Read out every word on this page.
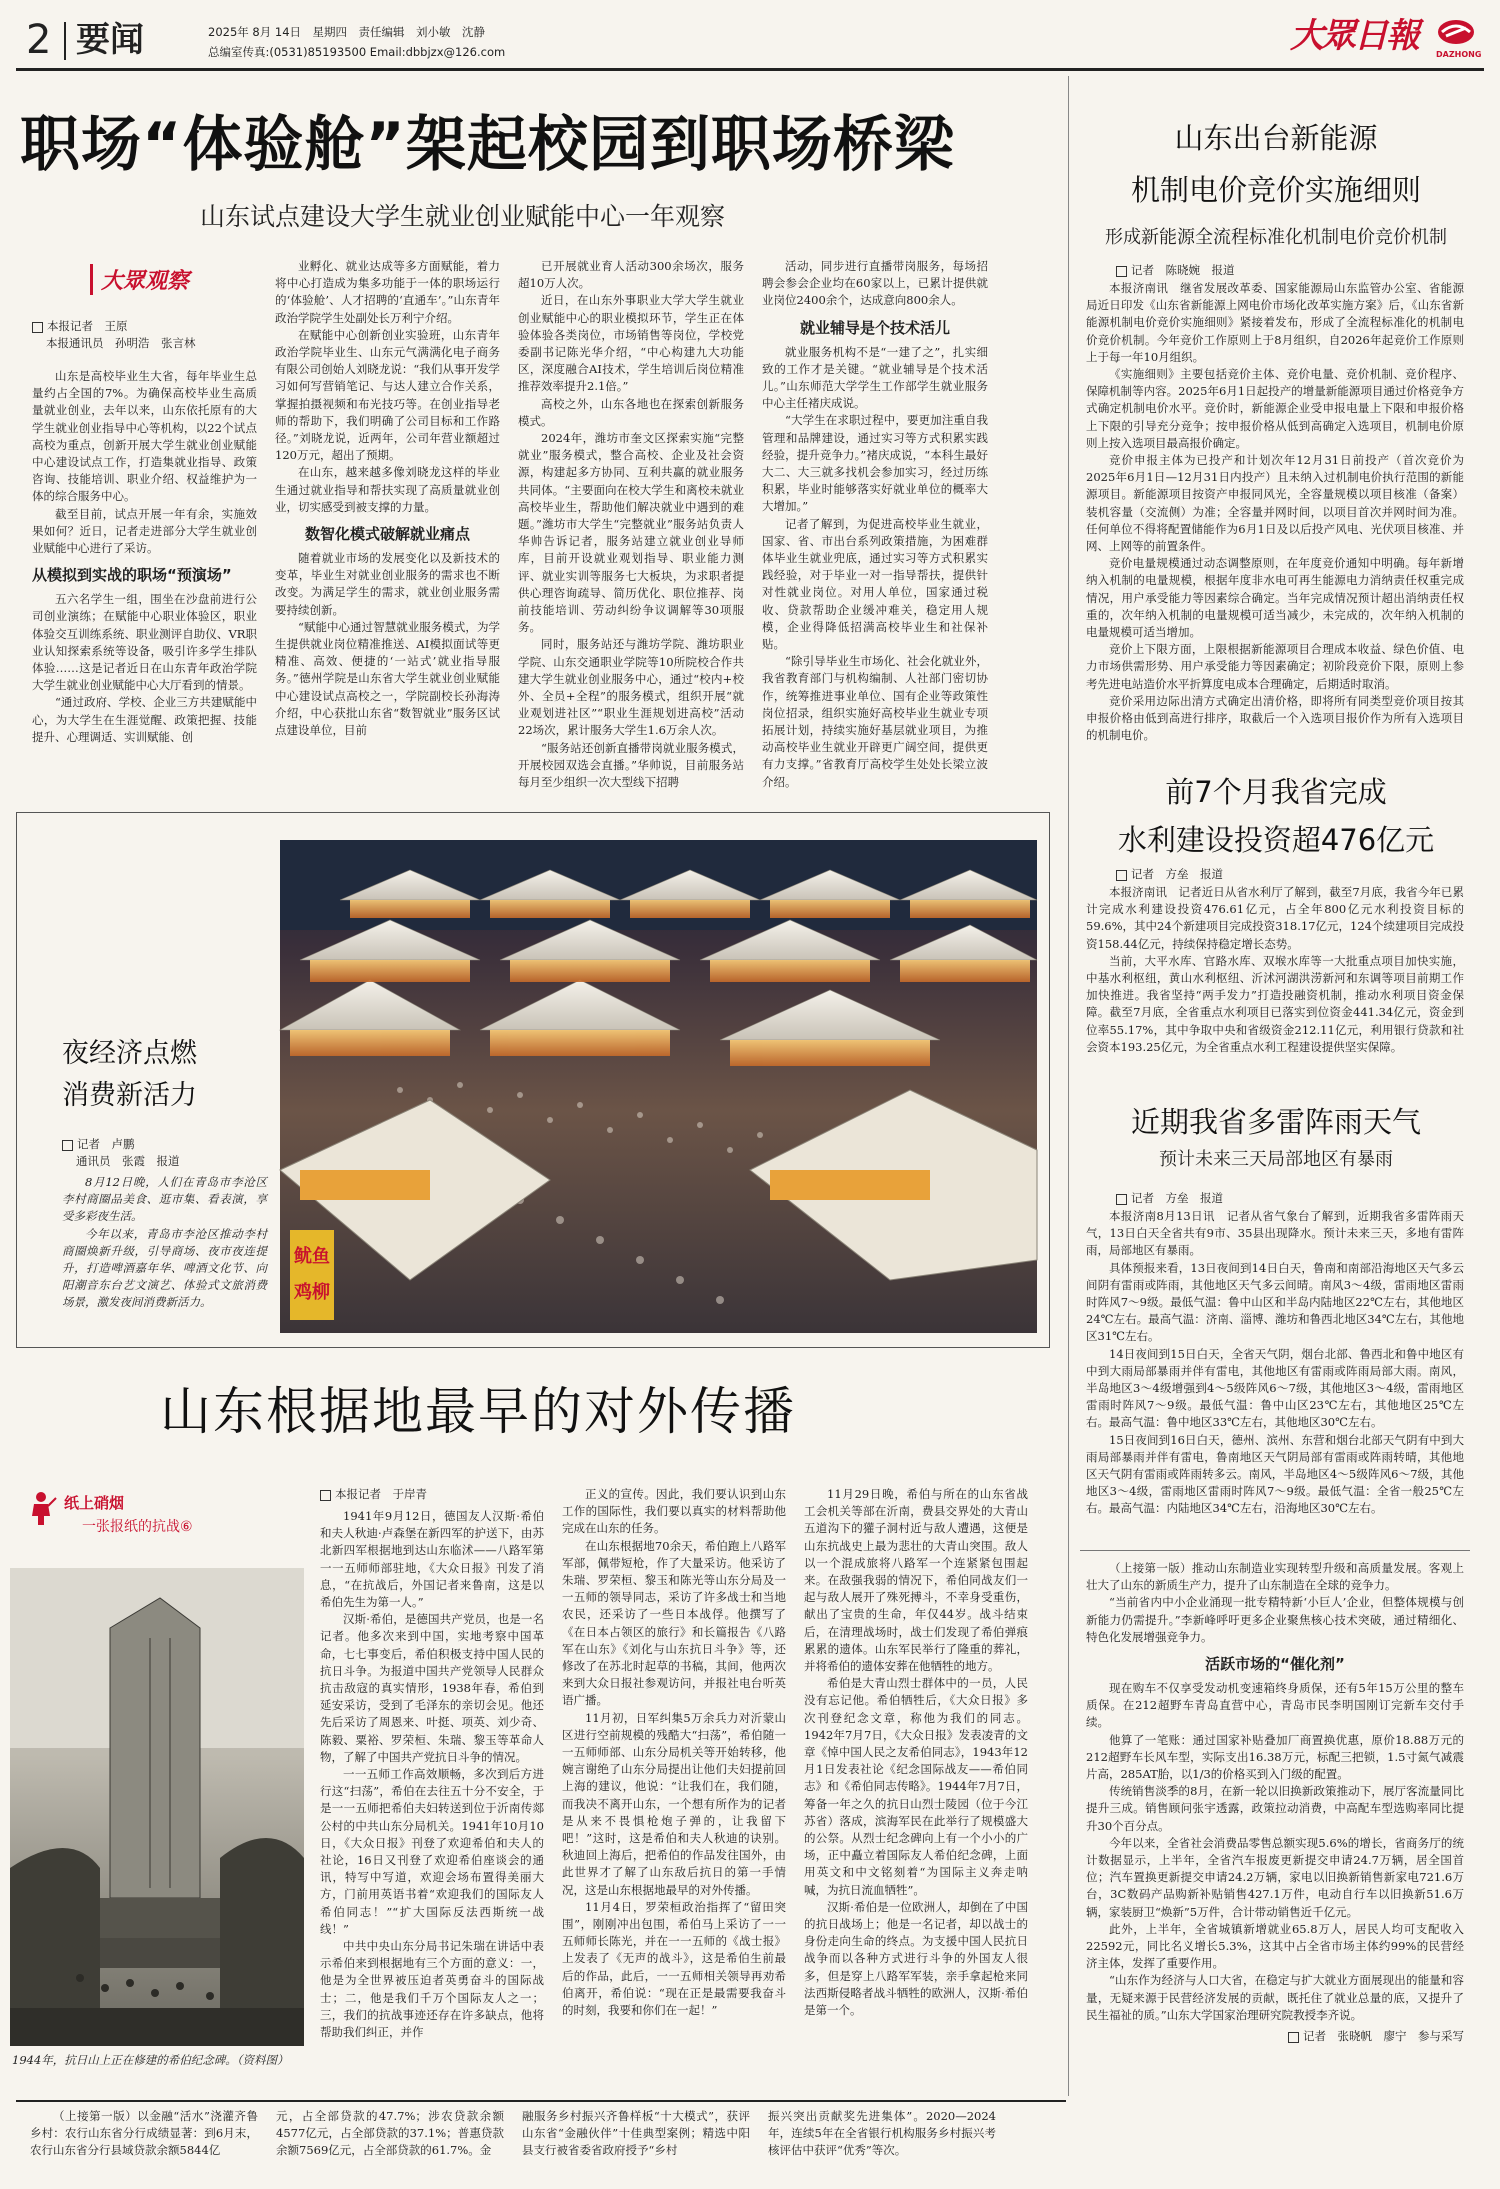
2 要闻	2025年 8月 14日　星期四　责任编辑　刘小敏　沈静
总编室传真:(0531)85193500 Email:dbbjzx@126.com	大眾日報 DAZHONG
职场“体验舱”架起校园到职场桥梁
山东试点建设大学生就业创业赋能中心一年观察
大眾观察
本报记者　王原
本报通讯员　孙明浩　张言林

山东是高校毕业生大省，每年毕业生总量约占全国的7%。为确保高校毕业生高质量就业创业，去年以来，山东依托原有的大学生就业创业指导中心等机构，以22个试点高校为重点，创新开展大学生就业创业赋能中心建设试点工作，打造集就业指导、政策咨询、技能培训、职业介绍、权益维护为一体的综合服务中心。

截至目前，试点开展一年有余，实施效果如何？近日，记者走进部分大学生就业创业赋能中心进行了采访。

从模拟到实战的职场“预演场”

五六名学生一组，围坐在沙盘前进行公司创业演练；在赋能中心职业体验区，职业体验交互训练系统、职业测评自助仪、VR职业认知探索系统等设备，吸引许多学生排队体验……这是记者近日在山东青年政治学院大学生就业创业赋能中心大厅看到的情景。

“通过政府、学校、企业三方共建赋能中心，为大学生在生涯觉醒、政策把握、技能提升、心理调适、实训赋能、创

业孵化、就业达成等多方面赋能，着力将中心打造成为集多功能于一体的职场运行的‘体验舱’、人才招聘的‘直通车’。”山东青年政治学院学生处副处长万利宁介绍。

在赋能中心创新创业实验班，山东青年政治学院毕业生、山东元气满满化电子商务有限公司创始人刘晓龙说：“我们从事开发学习如何写营销笔记、与达人建立合作关系，掌握拍摄视频和布光技巧等。在创业指导老师的帮助下，我们明确了公司目标和工作路径。”刘晓龙说，近两年，公司年营业额超过120万元，超出了预期。

在山东，越来越多像刘晓龙这样的毕业生通过就业指导和帮扶实现了高质量就业创业，切实感受到被支撑的力量。

数智化模式破解就业痛点

随着就业市场的发展变化以及新技术的变革，毕业生对就业创业服务的需求也不断改变。为满足学生的需求，就业创业服务需要持续创新。

“赋能中心通过智慧就业服务模式，为学生提供就业岗位精准推送、AI模拟面试等更精准、高效、便捷的‘一站式’就业指导服务。”德州学院是山东省大学生就业创业赋能中心建设试点高校之一，学院副校长孙海涛介绍，中心获批山东省“数智就业”服务区试点建设单位，目前

已开展就业育人活动300余场次，服务超10万人次。

近日，在山东外事职业大学大学生就业创业赋能中心的职业模拟环节，学生正在体验体验各类岗位，市场销售等岗位，学校党委副书记陈光华介绍，“中心构建九大功能区，深度融合AI技术，学生培训后岗位精准推荐效率提升2.1倍。”

高校之外，山东各地也在探索创新服务模式。

2024年，潍坊市奎文区探索实施“完整就业”服务模式，整合高校、企业及社会资源，构建起多方协同、互利共赢的就业服务共同体。“主要面向在校大学生和离校未就业高校毕业生，帮助他们解决就业中遇到的难题。”潍坊市大学生“完整就业”服务站负责人华帅告诉记者，服务站建立就业创业导师库，目前开设就业观划指导、职业能力测评、就业实训等服务七大板块，为求职者提供心理咨询疏导、简历优化、职位推荐、岗前技能培训、劳动纠纷争议调解等30项服务。

同时，服务站还与潍坊学院、潍坊职业学院、山东交通职业学院等10所院校合作共建大学生就业创业服务中心，通过“校内+校外、全员+全程”的服务模式，组织开展“就业观划进社区”“职业生涯规划进高校”活动22场次，累计服务大学生1.6万余人次。

“服务站还创新直播带岗就业服务模式，开展校园双选会直播。”华帅说，目前服务站每月至少组织一次大型线下招聘

活动，同步进行直播带岗服务，每场招聘会参会企业均在60家以上，已累计提供就业岗位2400余个，达成意向800余人。

就业辅导是个技术活儿

就业服务机构不是“一建了之”，扎实细致的工作才是关键。“就业辅导是个技术活儿。”山东师范大学学生工作部学生就业服务中心主任褚庆成说。

“大学生在求职过程中，要更加注重自我管理和品牌建设，通过实习等方式积累实践经验，提升竞争力。”褚庆成说，“本科生最好大二、大三就多找机会参加实习，经过历练积累，毕业时能够落实好就业单位的概率大大增加。”

记者了解到，为促进高校毕业生就业，国家、省、市出台系列政策措施，为困难群体毕业生就业兜底，通过实习等方式积累实践经验，对于毕业一对一指导帮扶，提供针对性就业岗位。对用人单位，国家通过税收、贷款帮助企业缓冲难关，稳定用人规模，企业得降低招满高校毕业生和社保补贴。

“除引导毕业生市场化、社会化就业外，我省教育部门与机构编制、人社部门密切协作，统筹推进事业单位、国有企业等政策性岗位招录，组织实施好高校毕业生就业专项拓展计划，持续实施好基层就业项目，为推动高校毕业生就业开辟更广阔空间，提供更有力支撑。”省教育厅高校学生处处长梁立波介绍。

山东出台新能源
机制电价竞价实施细则
形成新能源全流程标准化机制电价竞价机制
记者　陈晓婉　报道

本报济南讯　继省发展改革委、国家能源局山东监管办公室、省能源局近日印发《山东省新能源上网电价市场化改革实施方案》后，《山东省新能源机制电价竞价实施细则》紧接着发布，形成了全流程标准化的机制电价竞价机制。今年竞价工作原则上于8月组织，自2026年起竞价工作原则上于每一年10月组织。

《实施细则》主要包括竞价主体、竞价电量、竞价机制、竞价程序、保障机制等内容。2025年6月1日起投产的增量新能源项目通过价格竞争方式确定机制电价水平。竞价时，新能源企业受申报电量上下限和申报价格上下限的引导充分竞争；按申报价格从低到高确定入选项目，机制电价原则上按入选项目最高报价确定。

竞价申报主体为已投产和计划次年12月31日前投产（首次竞价为2025年6月1日—12月31日内投产）且未纳入过机制电价执行范围的新能源项目。新能源项目按资产申报同风光，全容量规模以项目核准（备案）装机容量（交流侧）为准；全容量并网时间，以项目首次并网时间为准。任何单位不得将配置储能作为6月1日及以后投产风电、光伏项目核准、并网、上网等的前置条件。

竞价电量规模通过动态调整原则，在年度竞价通知中明确。每年新增纳入机制的电量规模，根据年度非水电可再生能源电力消纳责任权重完成情况，用户承受能力等因素综合确定。当年完成情况预计超出消纳责任权重的，次年纳入机制的电量规模可适当减少，未完成的，次年纳入机制的电量规模可适当增加。

竞价上下限方面，上限根据新能源项目合理成本收益、绿色价值、电力市场供需形势、用户承受能力等因素确定；初阶段竞价下限，原则上参考先进电站造价水平折算度电成本合理确定，后期适时取消。

竞价采用边际出清方式确定出清价格，即将所有同类型竞价项目按其申报价格由低到高进行排序，取截后一个入选项目报价作为所有入选项目的机制电价。

前7个月我省完成
水利建设投资超476亿元
记者　方垒　报道

本报济南讯　记者近日从省水利厅了解到，截至7月底，我省今年已累计完成水利建设投资476.61亿元，占全年800亿元水利投资目标的59.6%，其中24个新建项目完成投资318.17亿元，124个续建项目完成投资158.44亿元，持续保持稳定增长态势。

当前，大平水库、官路水库、双堠水库等一大批重点项目加快实施，中基水利枢纽，黄山水利枢纽、沂沭河湖洪涝新河和东调等项目前期工作加快推进。我省坚持“两手发力”打造投融资机制，推动水利项目资金保障。截至7月底，全省重点水利项目已落实到位资金441.34亿元，资金到位率55.17%，其中争取中央和省级资金212.11亿元，利用银行贷款和社会资本193.25亿元，为全省重点水利工程建设提供坚实保障。

近期我省多雷阵雨天气
预计未来三天局部地区有暴雨
记者　方垒　报道

本报济南8月13日讯　记者从省气象台了解到，近期我省多雷阵雨天气，13日白天全省共有9市、35县出现降水。预计未来三天，多地有雷阵雨，局部地区有暴雨。

具体预报来看，13日夜间到14日白天，鲁南和南部沿海地区天气多云间阴有雷雨或阵雨，其他地区天气多云间晴。南风3～4级，雷雨地区雷雨时阵风7～9级。最低气温：鲁中山区和半岛内陆地区22℃左右，其他地区24℃左右。最高气温：济南、淄博、潍坊和鲁西北地区34℃左右，其他地区31℃左右。

14日夜间到15日白天，全省天气阴，烟台北部、鲁西北和鲁中地区有中到大雨局部暴雨并伴有雷电，其他地区有雷雨或阵雨局部大雨。南风，半岛地区3～4级增强到4～5级阵风6～7级，其他地区3～4级，雷雨地区雷雨时阵风7～9级。最低气温：鲁中山区23℃左右，其他地区25℃左右。最高气温：鲁中地区33℃左右，其他地区30℃左右。

15日夜间到16日白天，德州、滨州、东营和烟台北部天气阴有中到大雨局部暴雨并伴有雷电，鲁南地区天气阴局部有雷雨或阵雨转晴，其他地区天气阴有雷雨或阵雨转多云。南风，半岛地区4～5级阵风6～7级，其他地区3～4级，雷雨地区雷雨时阵风7～9级。最低气温：全省一般25℃左右。最高气温：内陆地区34℃左右，沿海地区30℃左右。

（上接第一版）推动山东制造业实现转型升级和高质量发展。客观上壮大了山东的新质生产力，提升了山东制造在全球的竞争力。

“当前省内中小企业涌现一批专精特新‘小巨人’企业，但整体规模与创新能力仍需提升。”李新峰呼吁更多企业聚焦核心技术突破，通过精细化、特色化发展增强竞争力。

活跃市场的“催化剂”

现在购车不仅享受发动机变速箱终身质保，还有5年15万公里的整车质保。在212超野车青岛直营中心，青岛市民李明国刚订完新车交付手续。

他算了一笔账：通过国家补贴叠加厂商置换优惠，原价18.88万元的212超野车长风车型，实际支出16.38万元，标配三把锁，1.5寸氮气减震片高，285AT胎，以1/3的价格买到入门级的配置。

传统销售淡季的8月，在新一轮以旧换新政策推动下，展厅客流量同比提升三成。销售顾问张宇透露，政策拉动消费，中高配车型选购率同比提升30个百分点。

今年以来，全省社会消费品零售总额实现5.6%的增长，省商务厅的统计数据显示，上半年，全省汽车报废更新提交申请24.7万辆，居全国首位；汽车置换更新提交申请24.2万辆，家电以旧换新销售新家电721.6万台，3C数码产品购新补贴销售427.1万件，电动自行车以旧换新51.6万辆，家装厨卫“焕新”5万件，合计带动销售近千亿元。

此外，上半年，全省城镇新增就业65.8万人，居民人均可支配收入22592元，同比名义增长5.3%，这其中占全省市场主体约99%的民营经济主体，发挥了重要作用。

“山东作为经济与人口大省，在稳定与扩大就业方面展现出的能量和容量，无疑来源于民营经济发展的贡献，既托住了就业总量的底，又提升了民生福祉的质。”山东大学国家治理研究院教授李齐说。

记者　张晓帆　廖宁　参与采写
夜经济点燃
消费新活力
记者　卢鹏
通讯员　张霞　报道

8月12日晚，人们在青岛市李沧区李村商圈品美食、逛市集、看表演，享受多彩夜生活。

今年以来，青岛市李沧区推动李村商圈焕新升级，引导商场、夜市夜连提升，打造啤酒嘉年华、啤酒文化节、向阳潮音东台艺文演艺、体验式文旅消费场景，激发夜间消费新活力。

鱿鱼
鸡柳
山东根据地最早的对外传播
纸上硝烟
一张报纸的抗战⑥
1944年，抗日山上正在修建的希伯纪念碑。（资料图）
本报记者　于岸青

1941年9月12日，德国友人汉斯·希伯和夫人秋迪·卢森堡在新四军的护送下，由苏北新四军根据地到达山东临沭——八路军第一一五师师部驻地，《大众日报》刊发了消息，“在抗战后，外国记者来鲁南，这是以希伯先生为第一人。”

汉斯·希伯，是德国共产党员，也是一名记者。他多次来到中国，实地考察中国革命，七七事变后，希伯积极支持中国人民的抗日斗争。为报道中国共产党领导人民群众抗击敌寇的真实情形，1938年春，希伯到延安采访，受到了毛泽东的亲切会见。他还先后采访了周恩来、叶挺、项英、刘少奇、陈毅、粟裕、罗荣桓、朱瑞、黎玉等革命人物，了解了中国共产党抗日斗争的情况。

一一五师工作高效顺畅，多次到后方进行这“扫荡”，希伯在去往五十分不安全，于是一一五师把希伯夫妇转送到位于沂南传郯公村的中共山东分局机关。1941年10月10日，《大众日报》刊登了欢迎希伯和夫人的社论，16日又刊登了欢迎希伯座谈会的通讯，特写中写道，欢迎会场布置得美丽大方，门前用英语书着“欢迎我们的国际友人希伯同志！”“扩大国际反法西斯统一战线！”

中共中央山东分局书记朱瑞在讲话中表示希伯来到根据地有三个方面的意义：一，他是为全世界被压迫者英勇奋斗的国际战士；二，他是我们千万个国际友人之一；三，我们的抗战事迹还存在许多缺点，他将帮助我们纠正，并作

正义的宣传。因此，我们要认识到山东工作的国际性，我们要以真实的材料帮助他完成在山东的任务。

在山东根据地70余天，希伯跑上八路军军部，佩带短枪，作了大量采访。他采访了朱瑞、罗荣桓、黎玉和陈光等山东分局及一一五师的领导同志，采访了许多战士和当地农民，还采访了一些日本战俘。他撰写了《在日本占领区的旅行》和长篇报告《八路军在山东》《刘化与山东抗日斗争》等，还修改了在苏北时起草的书稿，其间，他两次来到大众日报社参观访问，并报社电台听英语广播。

11月初，日军纠集5万余兵力对沂蒙山区进行空前规模的残酷大“扫荡”，希伯随一一五师师部、山东分局机关等开始转移，他婉言谢绝了山东分局提出让他们夫妇提前回上海的建议，他说：“让我们在，我们随，而我决不离开山东，一个想有所作为的记者是从来不畏惧枪炮子弹的，让我留下吧！”这时，这是希伯和夫人秋迪的诀别。秋迪回上海后，把希伯的作品发往国外，由此世界才了解了山东敌后抗日的第一手情况，这是山东根据地最早的对外传播。

11月4日，罗荣桓政治指挥了“留田突围”，刚刚冲出包围，希伯马上采访了一一五师师长陈光，并在一一五师的《战士报》上发表了《无声的战斗》，这是希伯生前最后的作品，此后，一一五师相关领导再劝希伯离开，希伯说：“现在正是最需要我奋斗的时刻，我要和你们在一起！”

11月29日晚，希伯与所在的山东省战工会机关等部在沂南，费县交界处的大青山五道沟下的獾子洞村近与敌人遭遇，这便是山东抗战史上最为悲壮的大青山突围。敌人以一个混成旅将八路军一个连紧紧包围起来。在敌强我弱的情况下，希伯同战友们一起与敌人展开了殊死搏斗，不幸身受重伤，献出了宝贵的生命，年仅44岁。战斗结束后，在清理战场时，战士们发现了希伯弹痕累累的遗体。山东军民举行了隆重的葬礼，并将希伯的遗体安葬在他牺牲的地方。

希伯是大青山烈士群体中的一员，人民没有忘记他。希伯牺牲后，《大众日报》多次刊登纪念文章，称他为我们的同志。1942年7月7日，《大众日报》发表凌青的文章《悼中国人民之友希伯同志》，1943年12月1日发表社论《纪念国际战友——希伯同志》和《希伯同志传略》。1944年7月7日，筹备一年之久的抗日山烈士陵园（位于今江苏省）落成，滨海军民在此举行了规模盛大的公祭。从烈士纪念碑向上有一个小小的广场，正中矗立着国际友人希伯纪念碑，上面用英文和中文铭刻着“为国际主义奔走呐喊，为抗日流血牺牲”。

汉斯·希伯是一位欧洲人，却倒在了中国的抗日战场上；他是一名记者，却以战士的身份走向生命的终点。为支援中国人民抗日战争而以各种方式进行斗争的外国友人很多，但是穿上八路军军装，亲手拿起枪来同法西斯侵略者战斗牺牲的欧洲人，汉斯·希伯是第一个。

（上接第一版）以金融“活水”浇灌齐鲁乡村：农行山东省分行成绩显著：到6月末，农行山东省分行县域贷款余额5844亿

元，占全部贷款的47.7%；涉农贷款余额4577亿元，占全部贷款的37.1%；普惠贷款余额7569亿元，占全部贷款的61.7%。金

融服务乡村振兴齐鲁样板“十大模式”，获评山东省“金融伙伴”十佳典型案例；精选中阳县支行被省委省政府授予“乡村

振兴突出贡献奖先进集体”。2020—2024年，连续5年在全省银行机构服务乡村振兴考核评估中获评“优秀”等次。
